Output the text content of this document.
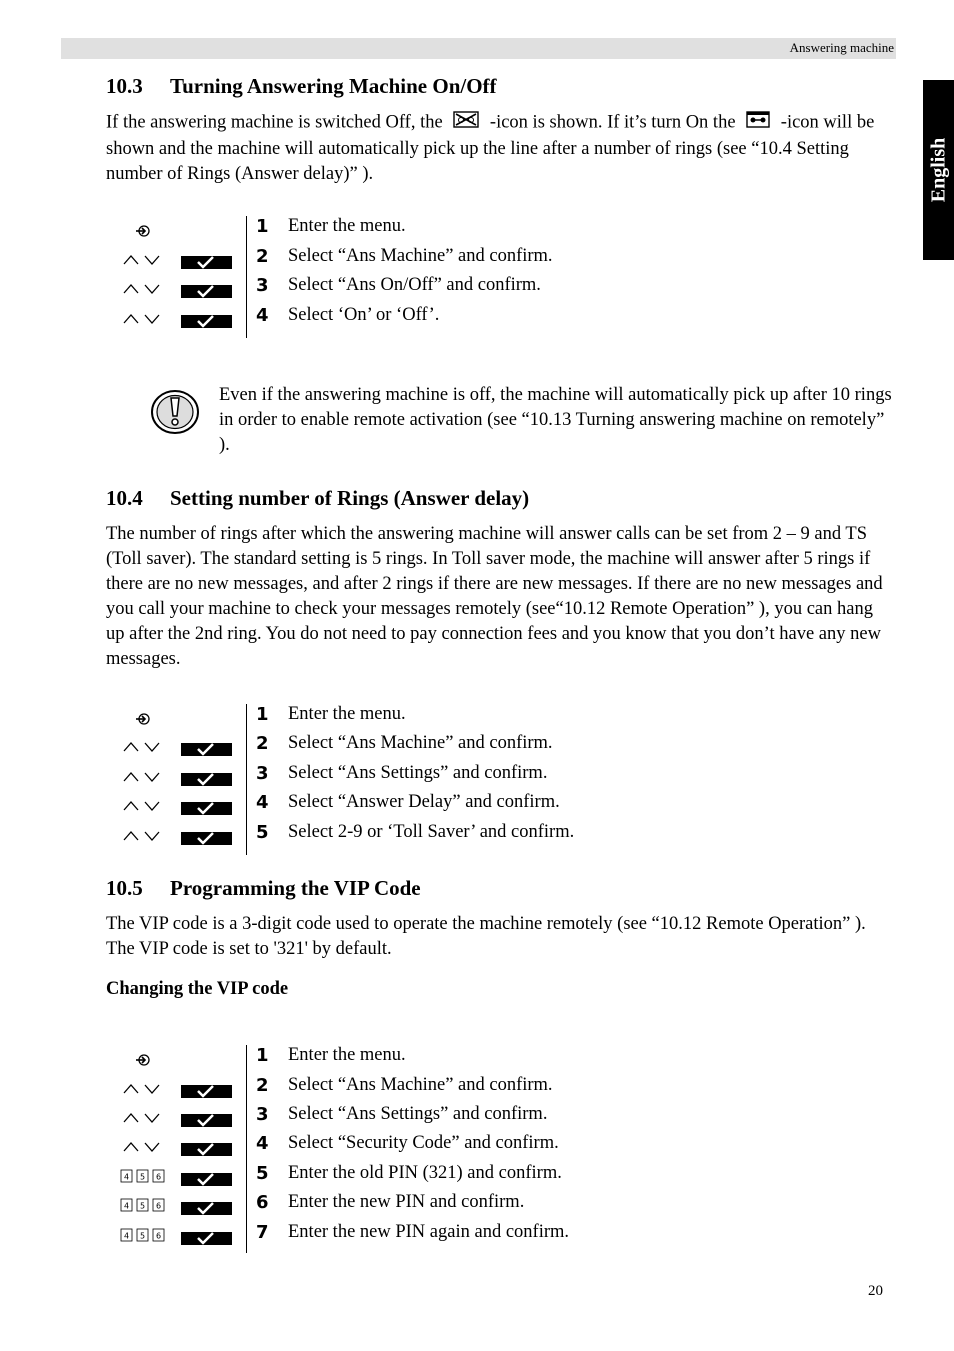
Answering machine
English
10.3 Turning Answering Machine On/Off

If the answering machine is switched Off, the	-icon is shown. If it’s turn On the -icon will be shown and the machine will automatically pick up the line after a number of rings (see “10.4 Setting number of Rings (Answer delay)” ).

1 Enter the menu.
2 Select “Ans Machine” and confirm.
3 Select “Ans On/Off” and confirm.
4 Select ‘On’ or ‘Off’.

Even if the answering machine is off, the machine will automatically pick up after 10 rings in order to enable remote activation (see “10.13 Turning answering machine on remotely” ).

10.4 Setting number of Rings (Answer delay)

The number of rings after which the answering machine will answer calls can be set from 2 – 9 and TS (Toll saver). The standard setting is 5 rings. In Toll saver mode, the machine will answer after 5 rings if there are no new messages, and after 2 rings if there are new messages. If there are no new messages and you call your machine to check your messages remotely (see“10.12 Remote Operation” ), you can hang up after the 2nd ring. You do not need to pay connection fees and you know that you don’t have any new messages.

1 Enter the menu.
2 Select “Ans Machine” and confirm.
3 Select “Ans Settings” and confirm.
4 Select “Answer Delay” and confirm.
5 Select 2-9 or ‘Toll Saver’ and confirm.
10.5 Programming the VIP Code

The VIP code is a 3-digit code used to operate the machine remotely (see “10.12 Remote Operation” ). The VIP code is set to '321' by default.

Changing the VIP code

1 Enter the menu.
2 Select “Ans Machine” and confirm.
3 Select “Ans Settings” and confirm.
4 Select “Security Code” and confirm.
4 5 6	5 Enter the old PIN (321) and confirm.
4 5 6	6 Enter the new PIN and confirm.
4 5 6	7 Enter the new PIN again and confirm.
20
